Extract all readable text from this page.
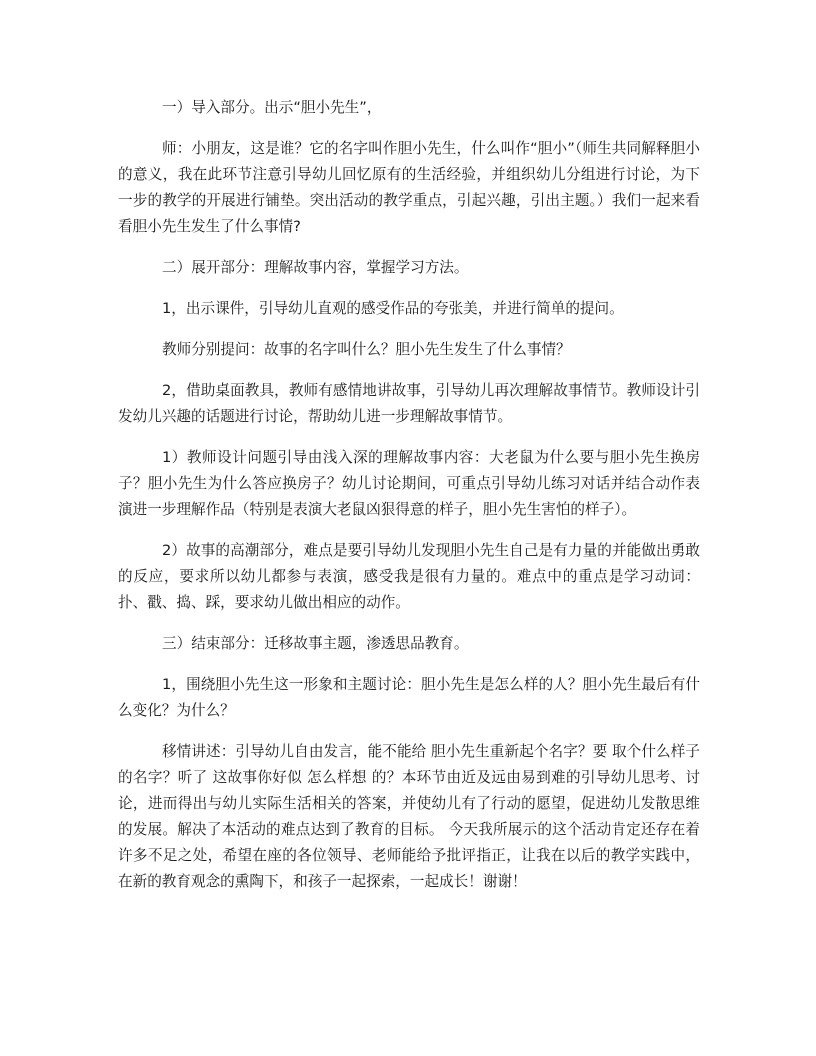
一）导入部分。出示“胆小先生”，

师：小朋友，这是谁？它的名字叫作胆小先生，什么叫作“胆小”（师生共同解释胆小的意义，我在此环节注意引导幼儿回忆原有的生活经验，并组织幼儿分组进行讨论，为下一步的教学的开展进行铺垫。突出活动的教学重点，引起兴趣，引出主题。）我们一起来看看胆小先生发生了什么事情?

二）展开部分：理解故事内容，掌握学习方法。

1，出示课件，引导幼儿直观的感受作品的夸张美，并进行简单的提问。

教师分别提问：故事的名字叫什么？胆小先生发生了什么事情？

2，借助桌面教具，教师有感情地讲故事，引导幼儿再次理解故事情节。教师设计引发幼儿兴趣的话题进行讨论，帮助幼儿进一步理解故事情节。

1）教师设计问题引导由浅入深的理解故事内容：大老鼠为什么要与胆小先生换房子？胆小先生为什么答应换房子？幼儿讨论期间，可重点引导幼儿练习对话并结合动作表演进一步理解作品（特别是表演大老鼠凶狠得意的样子，胆小先生害怕的样子）。

2）故事的高潮部分，难点是要引导幼儿发现胆小先生自己是有力量的并能做出勇敢的反应，要求所以幼儿都参与表演，感受我是很有力量的。难点中的重点是学习动词：扑、戳、捣、踩，要求幼儿做出相应的动作。

三）结束部分：迁移故事主题，渗透思品教育。

1，围绕胆小先生这一形象和主题讨论：胆小先生是怎么样的人？胆小先生最后有什么变化？为什么？

移情讲述：引导幼儿自由发言，能不能给 胆小先生重新起个名字？要 取个什么样子的名字？听了 这故事你好似 怎么样想 的？本环节由近及远由易到难的引导幼儿思考、讨论，进而得出与幼儿实际生活相关的答案，并使幼儿有了行动的愿望，促进幼儿发散思维的发展。解决了本活动的难点达到了教育的目标。 今天我所展示的这个活动肯定还存在着许多不足之处，希望在座的各位领导、老师能给予批评指正，让我在以后的教学实践中，在新的教育观念的熏陶下，和孩子一起探索，一起成长！谢谢！
